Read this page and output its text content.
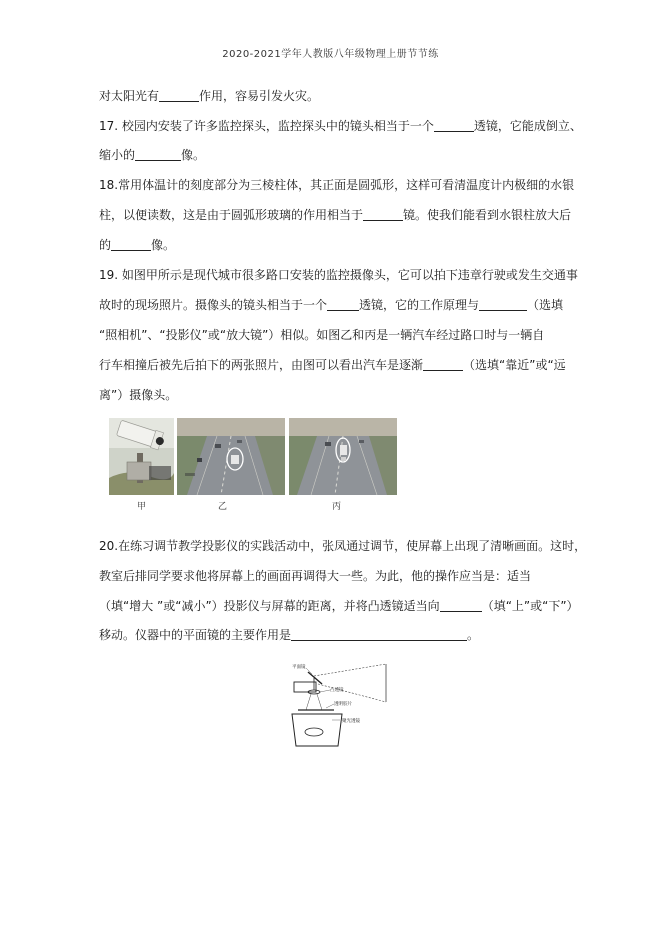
2020-2021学年人教版八年级物理上册节节练
对太阳光有	作用，容易引发火灾。
17. 校园内安装了许多监控探头，监控探头中的镜头相当于一个	透镜，它能成倒立、
缩小的	像。
18.常用体温计的刻度部分为三棱柱体，其正面是圆弧形，这样可看清温度计内极细的水银
柱，以便读数，这是由于圆弧形玻璃的作用相当于	镜。使我们能看到水银柱放大后
的	像。
19. 如图甲所示是现代城市很多路口安装的监控摄像头，它可以拍下违章行驶或发生交通事
故时的现场照片。摄像头的镜头相当于一个	透镜，它的工作原理与	（选填
“照相机”、“投影仪”或“放大镜”）相似。如图乙和丙是一辆汽车经过路口时与一辆自
行车相撞后被先后拍下的两张照片，由图可以看出汽车是逐渐	（选填“靠近”或“远
离”）摄像头。
甲	乙	丙
20.在练习调节教学投影仪的实践活动中，张凤通过调节，使屏幕上出现了清晰画面。这时，
教室后排同学要求他将屏幕上的画面再调得大一些。为此，他的操作应当是：适当
（填“增大 ”或“减小”）投影仪与屏幕的距离，并将凸透镜适当向	（填“上”或“下”）
移动。仪器中的平面镜的主要作用是	。
平面镜
凸透镜
透明胶片
聚光透镜
